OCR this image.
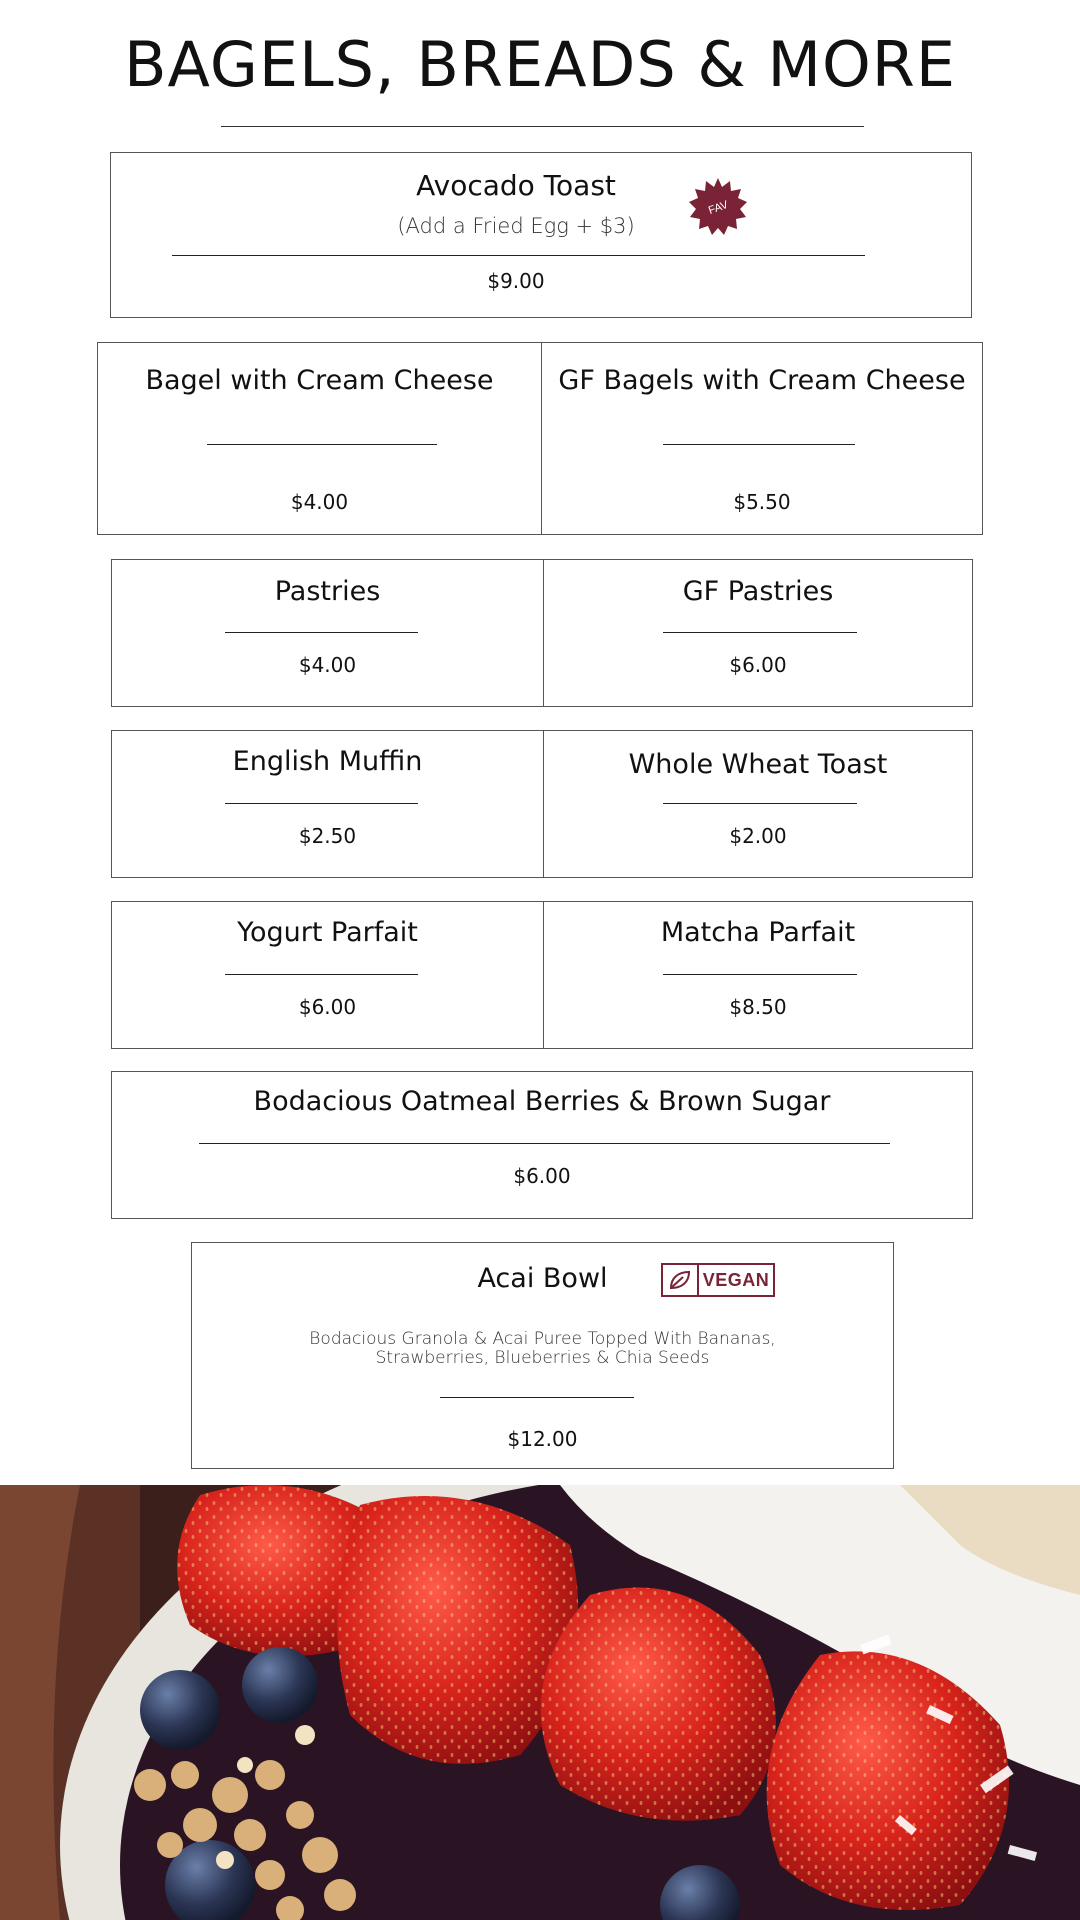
BAGELS, BREADS & MORE
Avocado Toast
(Add a Fried Egg + $3)
FAV
$9.00
Bagel with Cream Cheese
$4.00
GF Bagels with Cream Cheese
$5.50
Pastries
$4.00
GF Pastries
$6.00
English Muffin
$2.50
Whole Wheat Toast
$2.00
Yogurt Parfait
$6.00
Matcha Parfait
$8.50
Bodacious Oatmeal Berries & Brown Sugar
$6.00
Acai Bowl	VEGAN
Bodacious Granola & Acai Puree Topped With Bananas,
Strawberries, Blueberries & Chia Seeds
$12.00
